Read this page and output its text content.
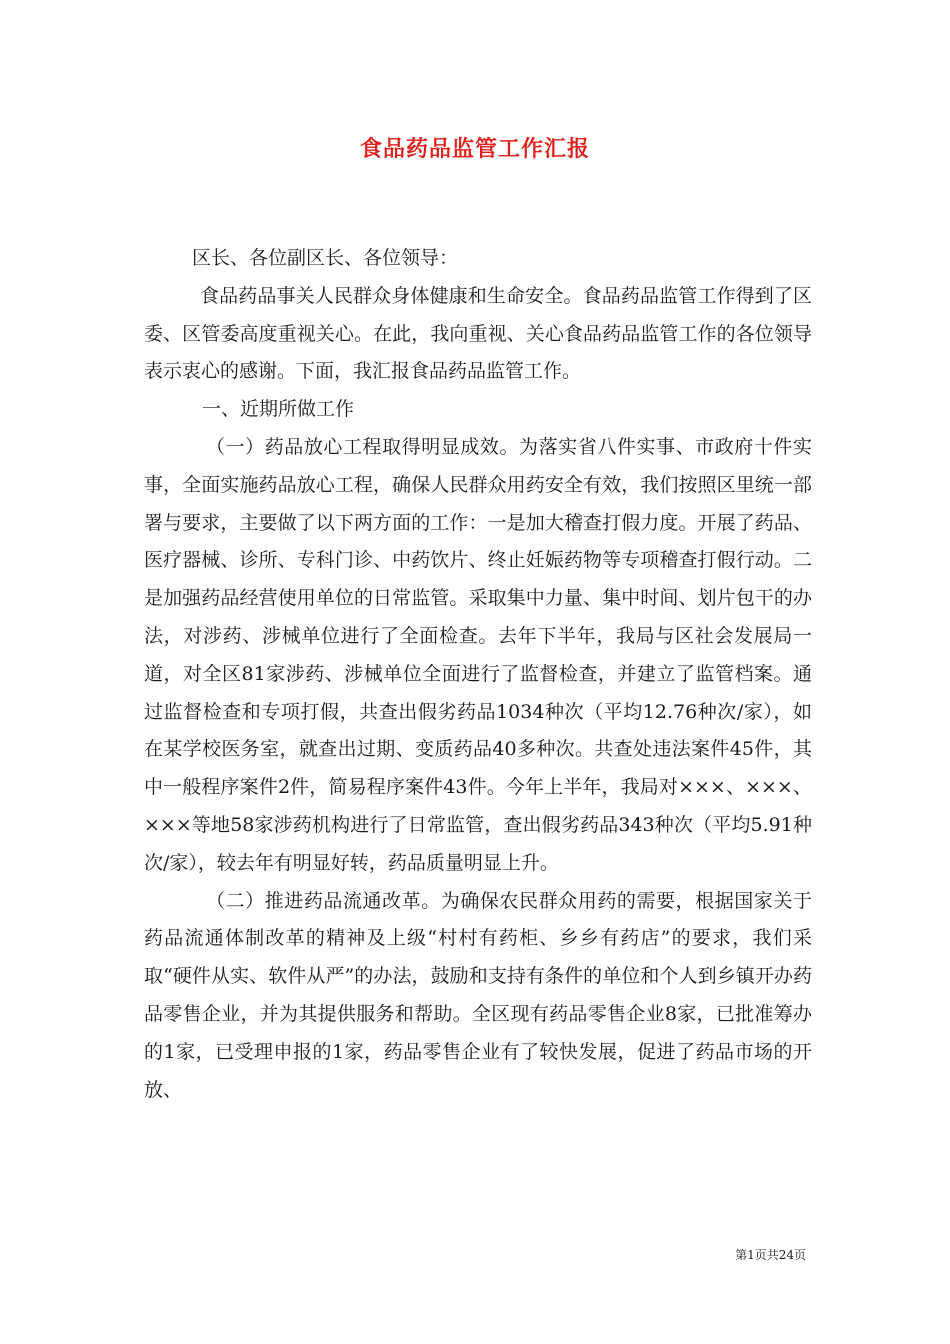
食品药品监管工作汇报

区长、各位副区长、各位领导：

食品药品事关人民群众身体健康和生命安全。食品药品监管工作得到了区委、区管委高度重视关心。在此，我向重视、关心食品药品监管工作的各位领导表示衷心的感谢。下面，我汇报食品药品监管工作。

一、近期所做工作

（一）药品放心工程取得明显成效。为落实省八件实事、市政府十件实事，全面实施药品放心工程，确保人民群众用药安全有效，我们按照区里统一部署与要求，主要做了以下两方面的工作：一是加大稽查打假力度。开展了药品、医疗器械、诊所、专科门诊、中药饮片、终止妊娠药物等专项稽查打假行动。二是加强药品经营使用单位的日常监管。采取集中力量、集中时间、划片包干的办法，对涉药、涉械单位进行了全面检查。去年下半年，我局与区社会发展局一道，对全区81家涉药、涉械单位全面进行了监督检查，并建立了监管档案。通过监督检查和专项打假，共查出假劣药品1034种次（平均12.76种次/家），如在某学校医务室，就查出过期、变质药品40多种次。共查处违法案件45件，其中一般程序案件2件，简易程序案件43件。今年上半年，我局对×××、×××、×××等地58家涉药机构进行了日常监管，查出假劣药品343种次（平均5.91种次/家），较去年有明显好转，药品质量明显上升。

（二）推进药品流通改革。为确保农民群众用药的需要，根据国家关于药品流通体制改革的精神及上级“村村有药柜、乡乡有药店”的要求，我们采取“硬件从实、软件从严”的办法，鼓励和支持有条件的单位和个人到乡镇开办药品零售企业，并为其提供服务和帮助。全区现有药品零售企业8家，已批准筹办的1家，已受理申报的1家，药品零售企业有了较快发展，促进了药品市场的开放、

第1页共24页
